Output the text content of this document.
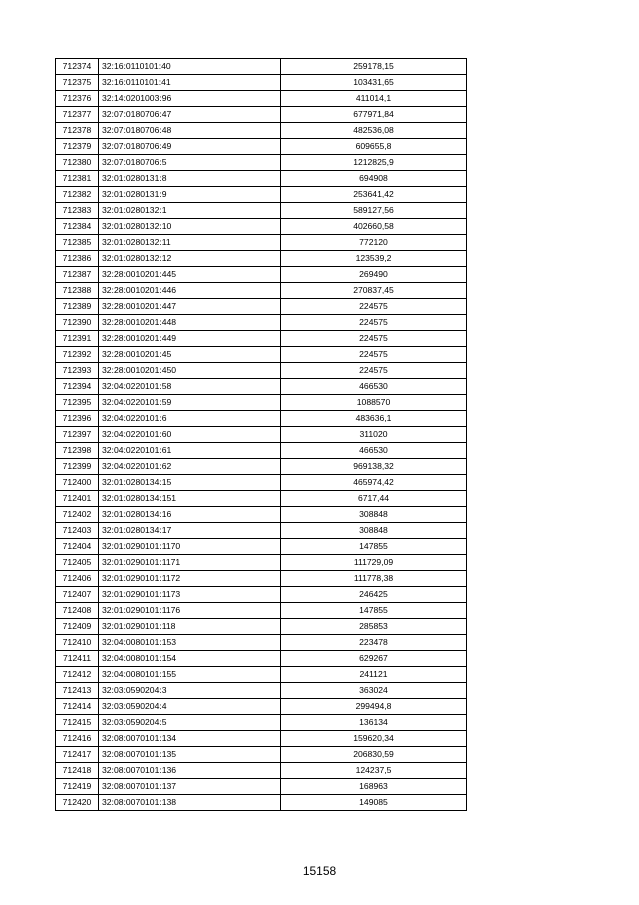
712374	32:16:0110101:40	259178,15
712375	32:16:0110101:41	103431,65
712376	32:14:0201003:96	411014,1
712377	32:07:0180706:47	677971,84
712378	32:07:0180706:48	482536,08
712379	32:07:0180706:49	609655,8
712380	32:07:0180706:5	1212825,9
712381	32:01:0280131:8	694908
712382	32:01:0280131:9	253641,42
712383	32:01:0280132:1	589127,56
712384	32:01:0280132:10	402660,58
712385	32:01:0280132:11	772120
712386	32:01:0280132:12	123539,2
712387	32:28:0010201:445	269490
712388	32:28:0010201:446	270837,45
712389	32:28:0010201:447	224575
712390	32:28:0010201:448	224575
712391	32:28:0010201:449	224575
712392	32:28:0010201:45	224575
712393	32:28:0010201:450	224575
712394	32:04:0220101:58	466530
712395	32:04:0220101:59	1088570
712396	32:04:0220101:6	483636,1
712397	32:04:0220101:60	311020
712398	32:04:0220101:61	466530
712399	32:04:0220101:62	969138,32
712400	32:01:0280134:15	465974,42
712401	32:01:0280134:151	6717,44
712402	32:01:0280134:16	308848
712403	32:01:0280134:17	308848
712404	32:01:0290101:1170	147855
712405	32:01:0290101:1171	111729,09
712406	32:01:0290101:1172	111778,38
712407	32:01:0290101:1173	246425
712408	32:01:0290101:1176	147855
712409	32:01:0290101:118	285853
712410	32:04:0080101:153	223478
712411	32:04:0080101:154	629267
712412	32:04:0080101:155	241121
712413	32:03:0590204:3	363024
712414	32:03:0590204:4	299494,8
712415	32:03:0590204:5	136134
712416	32:08:0070101:134	159620,34
712417	32:08:0070101:135	206830,59
712418	32:08:0070101:136	124237,5
712419	32:08:0070101:137	168963
712420	32:08:0070101:138	149085
15158
